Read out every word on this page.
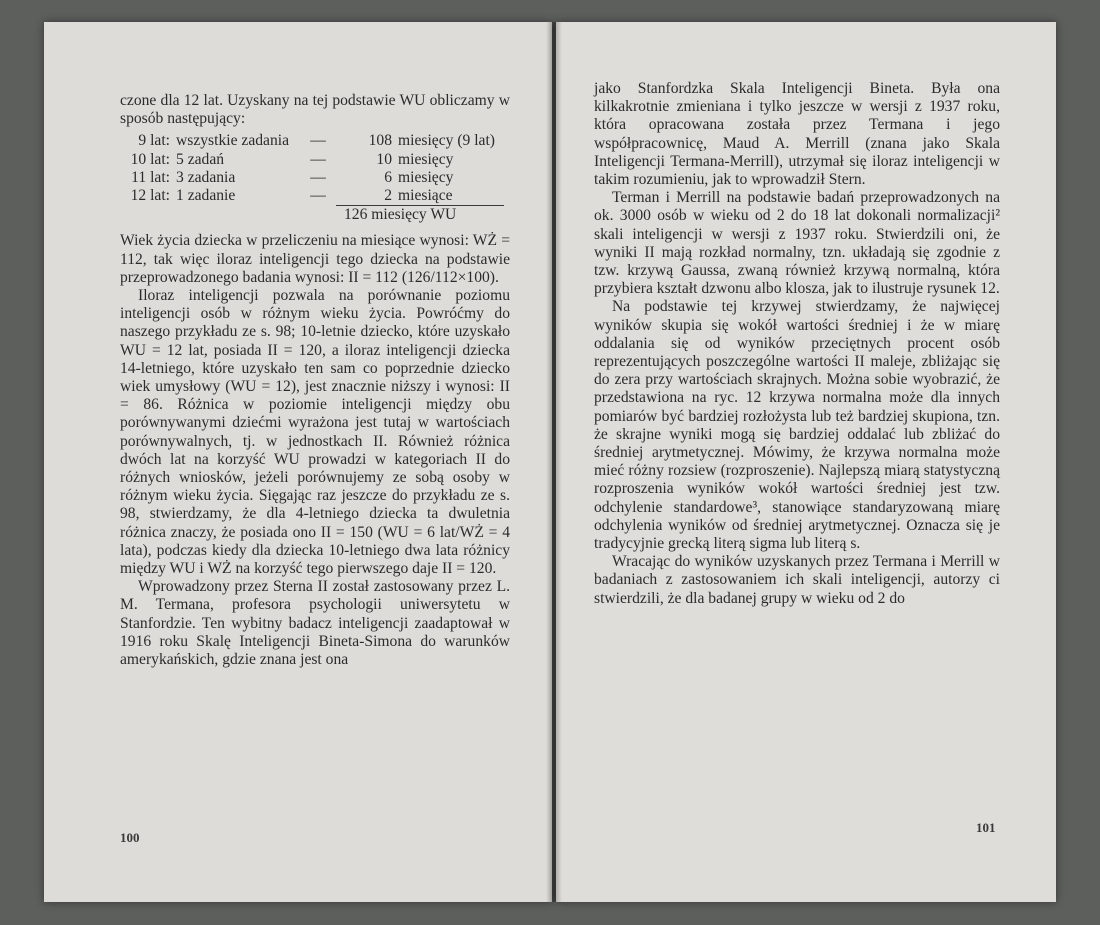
czone dla 12 lat. Uzyskany na tej podstawie WU obliczamy w sposób następujący:

9 lat: wszystkie zadania	—	108 miesięcy (9 lat)
10 lat: 5 zadań	—	10 miesięcy
11 lat: 3 zadania	—	6 miesięcy
12 lat: 1 zadanie	—	2 miesiące
126 miesięcy WU

Wiek życia dziecka w przeliczeniu na miesiące wynosi: WŻ = 112, tak więc iloraz inteligencji tego dziecka na podstawie przeprowadzonego badania wynosi: II = 112 (126/112×100).

Iloraz inteligencji pozwala na porównanie poziomu inteligencji osób w różnym wieku życia. Powróćmy do naszego przykładu ze s. 98; 10-letnie dziecko, które uzyskało WU = 12 lat, posiada II = 120, a iloraz inteligencji dziecka 14-letniego, które uzyskało ten sam co poprzednie dziecko wiek umysłowy (WU = 12), jest znacznie niższy i wynosi: II = 86. Różnica w poziomie inteligencji między obu porównywanymi dziećmi wyrażona jest tutaj w wartościach porównywalnych, tj. w jednostkach II. Również różnica dwóch lat na korzyść WU prowadzi w kategoriach II do różnych wniosków, jeżeli porównujemy ze sobą osoby w różnym wieku życia. Sięgając raz jeszcze do przykładu ze s. 98, stwierdzamy, że dla 4-letniego dziecka ta dwuletnia różnica znaczy, że posiada ono II = 150 (WU = 6 lat/WŻ = 4 lata), podczas kiedy dla dziecka 10-letniego dwa lata różnicy między WU i WŻ na korzyść tego pierwszego daje II = 120.

Wprowadzony przez Sterna II został zastosowany przez L. M. Termana, profesora psychologii uniwersytetu w Stanfordzie. Ten wybitny badacz inteligencji zaadaptował w 1916 roku Skalę Inteligencji Bineta-Simona do warunków amerykańskich, gdzie znana jest ona

100

jako Stanfordzka Skala Inteligencji Bineta. Była ona kilkakrotnie zmieniana i tylko jeszcze w wersji z 1937 roku, która opracowana została przez Termana i jego współpracownicę, Maud A. Merrill (znana jako Skala Inteligencji Termana-Merrill), utrzymał się iloraz inteligencji w takim rozumieniu, jak to wprowadził Stern.

Terman i Merrill na podstawie badań przeprowadzonych na ok. 3000 osób w wieku od 2 do 18 lat dokonali normalizacji² skali inteligencji w wersji z 1937 roku. Stwierdzili oni, że wyniki II mają rozkład normalny, tzn. układają się zgodnie z tzw. krzywą Gaussa, zwaną również krzywą normalną, która przybiera kształt dzwonu albo klosza, jak to ilustruje rysunek 12.

Na podstawie tej krzywej stwierdzamy, że najwięcej wyników skupia się wokół wartości średniej i że w miarę oddalania się od wyników przeciętnych procent osób reprezentujących poszczególne wartości II maleje, zbliżając się do zera przy wartościach skrajnych. Można sobie wyobrazić, że przedstawiona na ryc. 12 krzywa normalna może dla innych pomiarów być bardziej rozłożysta lub też bardziej skupiona, tzn. że skrajne wyniki mogą się bardziej oddalać lub zbliżać do średniej arytmetycznej. Mówimy, że krzywa normalna może mieć różny rozsiew (rozproszenie). Najlepszą miarą statystyczną rozproszenia wyników wokół wartości średniej jest tzw. odchylenie standardowe³, stanowiące standaryzowaną miarę odchylenia wyników od średniej arytmetycznej. Oznacza się je tradycyjnie grecką literą sigma lub literą s.

Wracając do wyników uzyskanych przez Termana i Merrill w badaniach z zastosowaniem ich skali inteligencji, autorzy ci stwierdzili, że dla badanej grupy w wieku od 2 do

101
